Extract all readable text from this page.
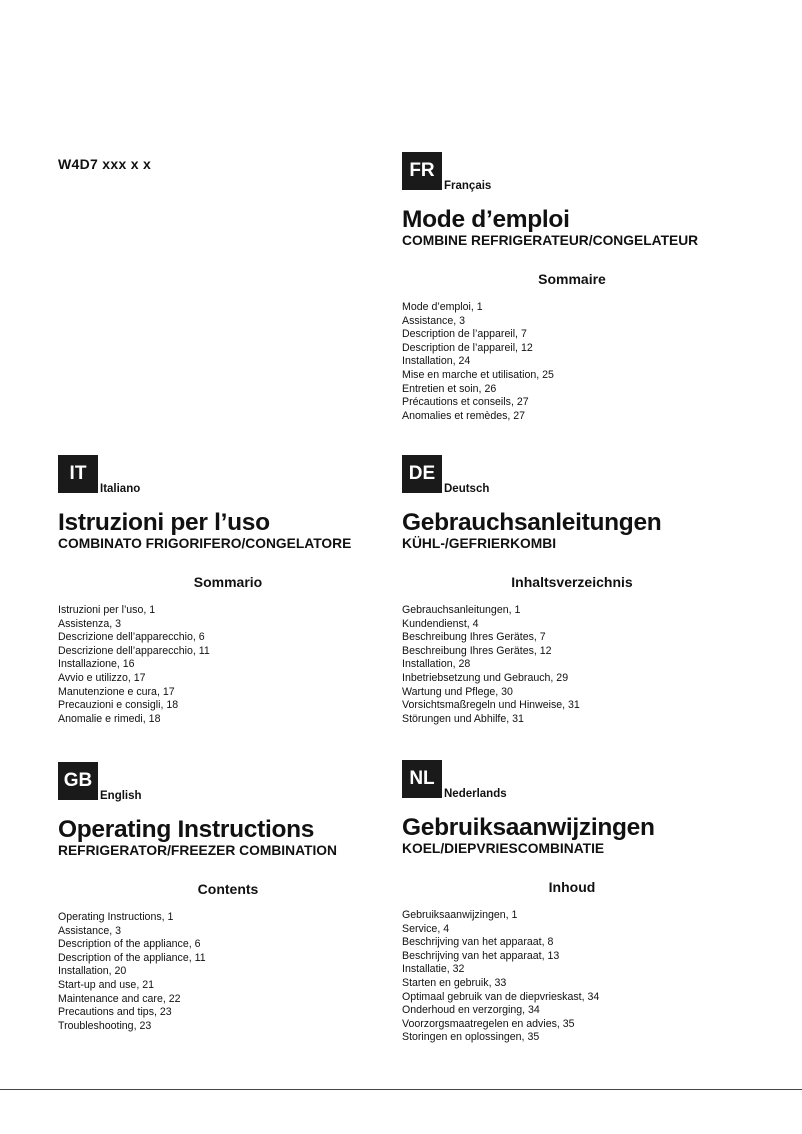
W4D7 xxx x x	FR
Français
Mode d’emploi
COMBINE REFRIGERATEUR/CONGELATEUR
Sommaire
Mode d’emploi, 1
Assistance, 3
Description de l’appareil, 7
Description de l’appareil, 12
Installation, 24
Mise en marche et utilisation, 25
Entretien et soin, 26
Précautions et conseils, 27
Anomalies et remèdes, 27
IT
Italiano
Istruzioni per l’uso
COMBINATO FRIGORIFERO/CONGELATORE
Sommario
Istruzioni per l’uso, 1
Assistenza, 3
Descrizione dell’apparecchio, 6
Descrizione dell’apparecchio, 11
Installazione, 16
Avvio e utilizzo, 17
Manutenzione e cura, 17
Precauzioni e consigli, 18
Anomalie e rimedi, 18
DE
Deutsch
Gebrauchsanleitungen
KÜHL-/GEFRIERKOMBI
Inhaltsverzeichnis
Gebrauchsanleitungen, 1
Kundendienst, 4
Beschreibung Ihres Gerätes, 7
Beschreibung Ihres Gerätes, 12
Installation, 28
Inbetriebsetzung und Gebrauch, 29
Wartung und Pflege, 30
Vorsichtsmaßregeln und Hinweise, 31
Störungen und Abhilfe, 31
GB
English
Operating Instructions
REFRIGERATOR/FREEZER COMBINATION
Contents
Operating Instructions, 1
Assistance, 3
Description of the appliance, 6
Description of the appliance, 11
Installation, 20
Start-up and use, 21
Maintenance and care, 22
Precautions and tips, 23
Troubleshooting, 23
NL
Nederlands
Gebruiksaanwijzingen
KOEL/DIEPVRIESCOMBINATIE
Inhoud
Gebruiksaanwijzingen, 1
Service, 4
Beschrijving van het apparaat, 8
Beschrijving van het apparaat, 13
Installatie, 32
Starten en gebruik, 33
Optimaal gebruik van de diepvrieskast, 34
Onderhoud en verzorging, 34
Voorzorgsmaatregelen en advies, 35
Storingen en oplossingen, 35
